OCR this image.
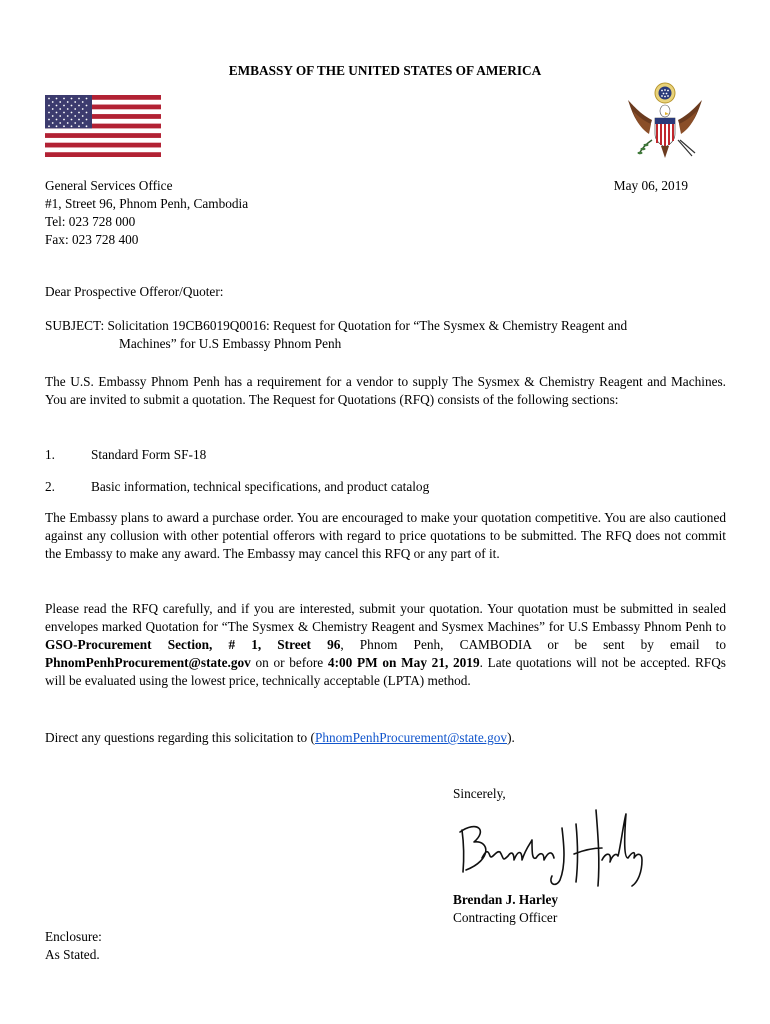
EMBASSY OF THE UNITED STATES OF AMERICA
General Services Office
#1, Street 96, Phnom Penh, Cambodia
Tel: 023 728 000
Fax: 023 728 400
May 06, 2019
Dear Prospective Offeror/Quoter:
SUBJECT: Solicitation 19CB6019Q0016: Request for Quotation for “The Sysmex & Chemistry Reagent and
Machines” for U.S Embassy Phnom Penh
The U.S. Embassy Phnom Penh has a requirement for a vendor to supply The Sysmex & Chemistry Reagent and Machines. You are invited to submit a quotation. The Request for Quotations (RFQ) consists of the following sections:
1.	Standard Form SF-18
2.	Basic information, technical specifications, and product catalog
The Embassy plans to award a purchase order. You are encouraged to make your quotation competitive. You are also cautioned against any collusion with other potential offerors with regard to price quotations to be submitted. The RFQ does not commit the Embassy to make any award. The Embassy may cancel this RFQ or any part of it.
Please read the RFQ carefully, and if you are interested, submit your quotation. Your quotation must be submitted in sealed envelopes marked Quotation for “The Sysmex & Chemistry Reagent and Sysmex Machines” for U.S Embassy Phnom Penh to GSO-Procurement Section, # 1, Street 96, Phnom Penh, CAMBODIA or be sent by email to PhnomPenhProcurement@state.gov on or before 4:00 PM on May 21, 2019. Late quotations will not be accepted. RFQs will be evaluated using the lowest price, technically acceptable (LPTA) method.
Direct any questions regarding this solicitation to (PhnomPenhProcurement@state.gov).
Sincerely,
Brendan J. Harley
Contracting Officer
Enclosure:
As Stated.
